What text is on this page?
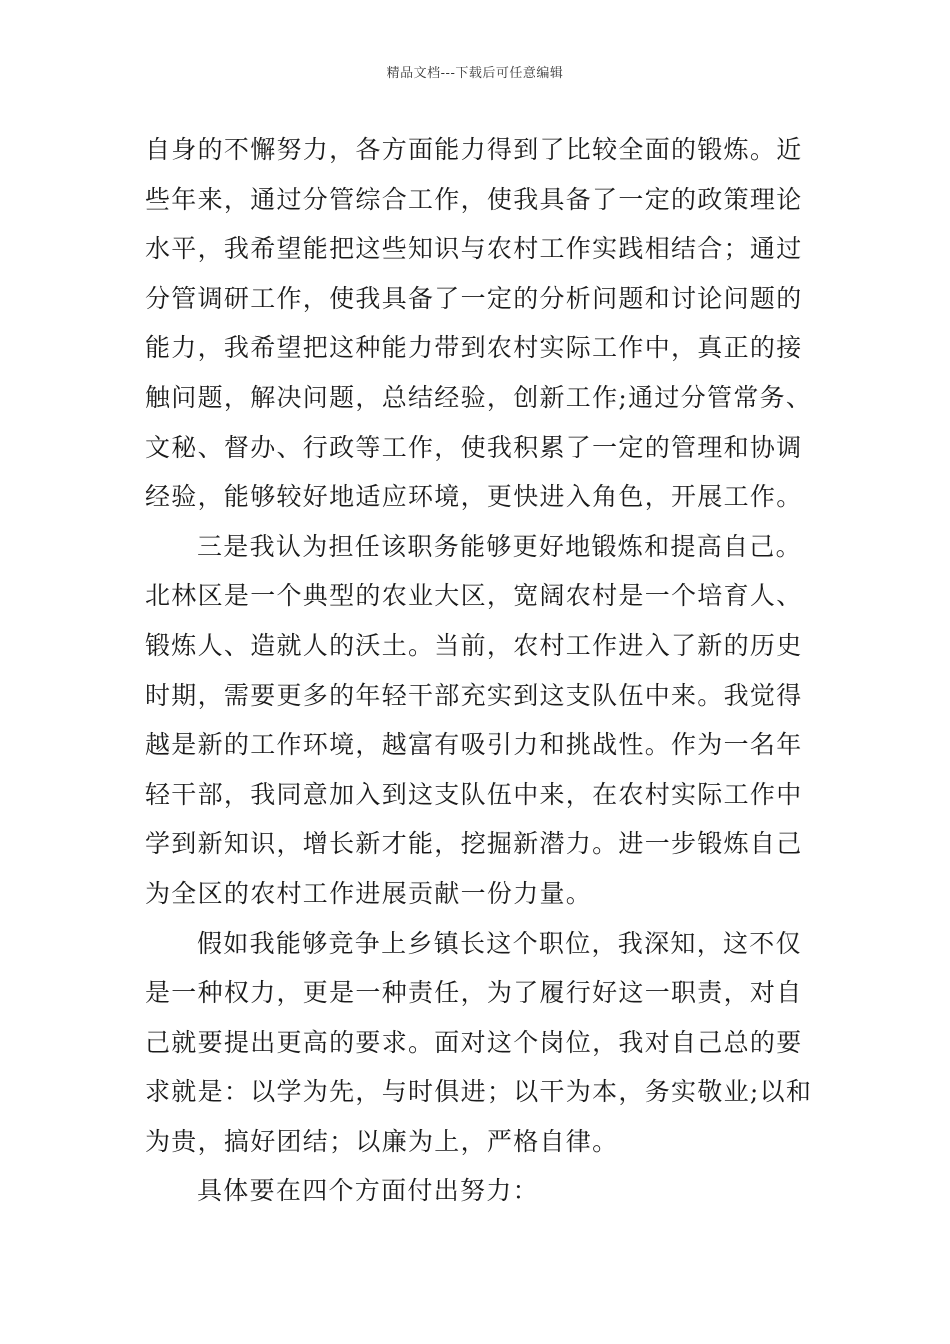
精品文档---下载后可任意编辑
自身的不懈努力，各方面能力得到了比较全面的锻炼。近
些年来，通过分管综合工作，使我具备了一定的政策理论
水平，我希望能把这些知识与农村工作实践相结合；通过
分管调研工作，使我具备了一定的分析问题和讨论问题的
能力，我希望把这种能力带到农村实际工作中，真正的接
触问题，解决问题，总结经验，创新工作;通过分管常务、
文秘、督办、行政等工作，使我积累了一定的管理和协调
经验，能够较好地适应环境，更快进入角色，开展工作。
三是我认为担任该职务能够更好地锻炼和提高自己。
北林区是一个典型的农业大区，宽阔农村是一个培育人、
锻炼人、造就人的沃土。当前，农村工作进入了新的历史
时期，需要更多的年轻干部充实到这支队伍中来。我觉得
越是新的工作环境，越富有吸引力和挑战性。作为一名年
轻干部，我同意加入到这支队伍中来，在农村实际工作中
学到新知识，增长新才能，挖掘新潜力。进一步锻炼自己
为全区的农村工作进展贡献一份力量。
假如我能够竞争上乡镇长这个职位，我深知，这不仅
是一种权力，更是一种责任，为了履行好这一职责，对自
己就要提出更高的要求。面对这个岗位，我对自己总的要
求就是：以学为先，与时俱进；以干为本，务实敬业;以和
为贵，搞好团结；以廉为上，严格自律。
具体要在四个方面付出努力：
